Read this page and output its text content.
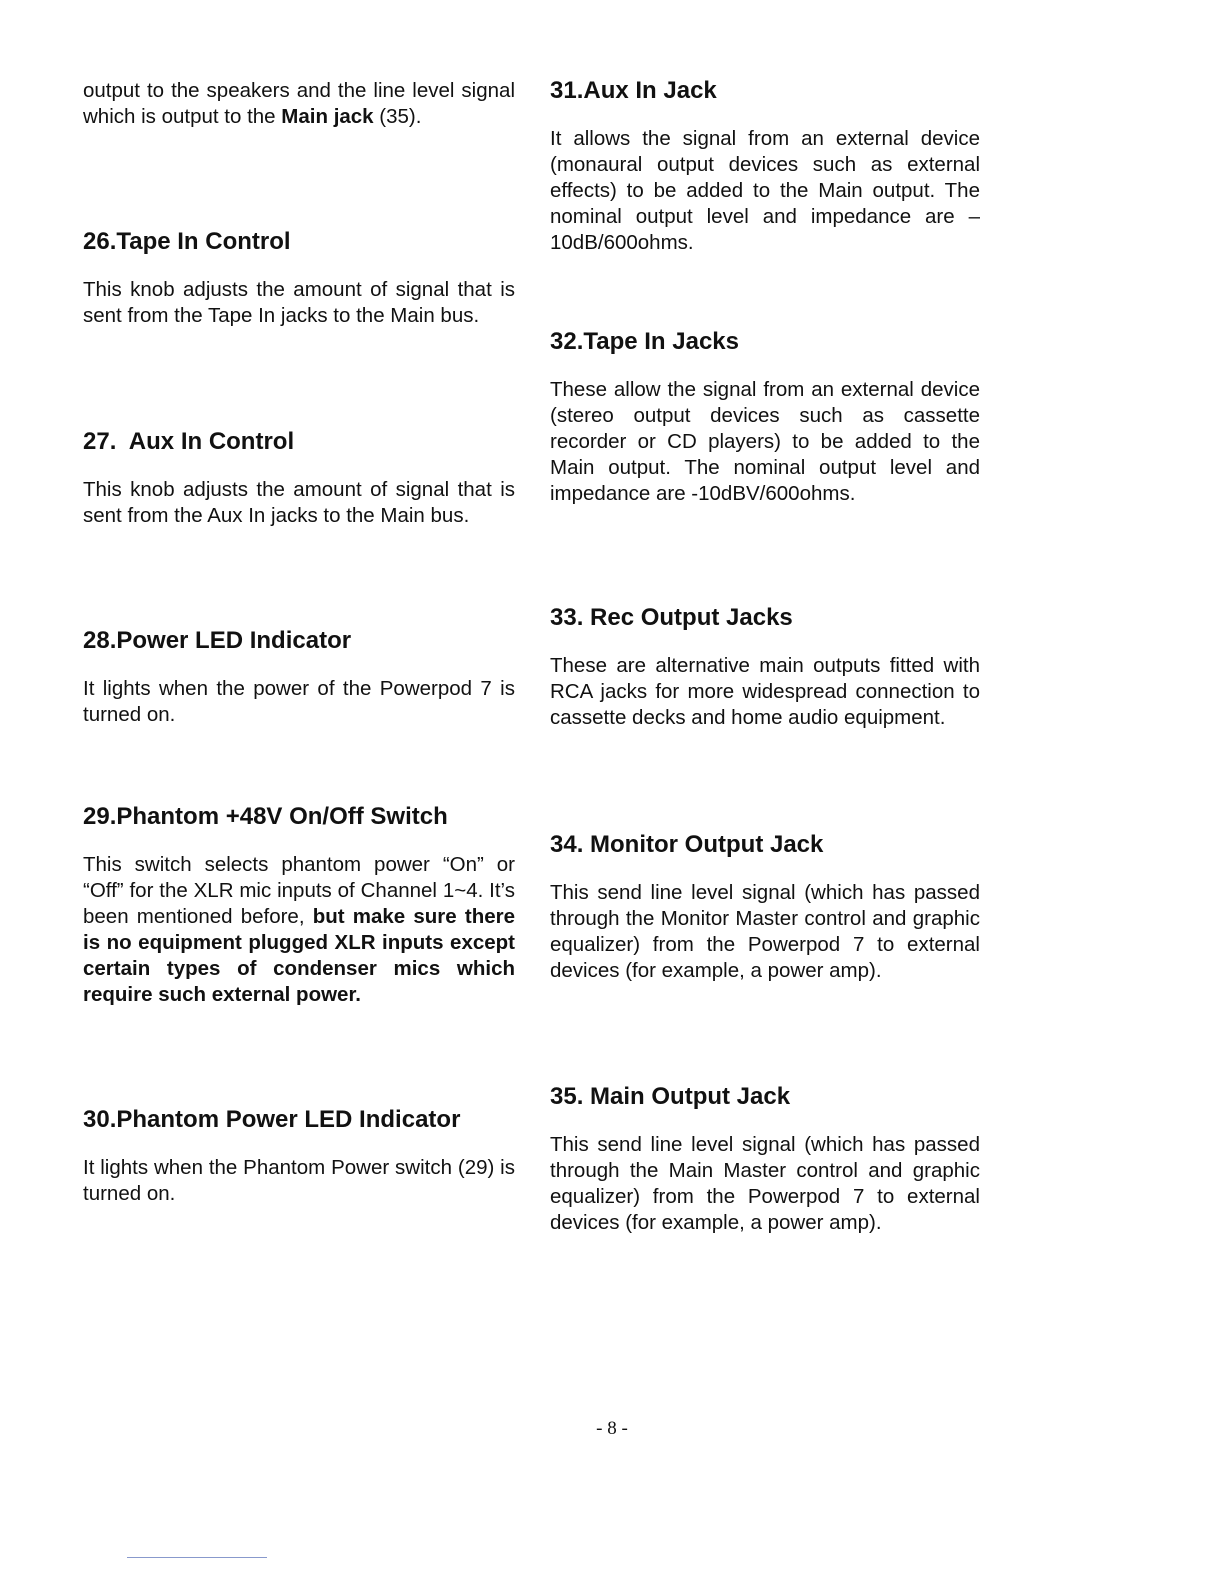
output to the speakers and the line level signal which is output to the Main jack (35).

26.Tape In Control

This knob adjusts the amount of signal that is sent from the Tape In jacks to the Main bus.

27.  Aux In Control

This knob adjusts the amount of signal that is sent from the Aux In jacks to the Main bus.

28.Power LED Indicator

It lights when the power of the Powerpod 7 is turned on.

29.Phantom +48V On/Off Switch

This switch selects phantom power “On” or “Off” for the XLR mic inputs of Channel 1~4. It’s been mentioned before, but make sure there is no equipment plugged XLR inputs except certain types of condenser mics which require such external power.

30.Phantom Power LED Indicator

It lights when the Phantom Power switch (29) is turned on.

31.Aux In Jack

It allows the signal from an external device (monaural output devices such as external effects) to be added to the Main output. The nominal output level and impedance are –10dB/600ohms.

32.Tape In Jacks

These allow the signal from an external device (stereo output devices such as cassette recorder or CD players) to be added to the Main output. The nominal output level and impedance are -10dBV/600ohms.

33. Rec Output Jacks

These are alternative main outputs fitted with RCA jacks for more widespread connection to cassette decks and home audio equipment.

34. Monitor Output Jack

This send line level signal (which has passed through the Monitor Master control and graphic equalizer) from the Powerpod 7 to external devices (for example, a power amp).

35. Main Output Jack

This send line level signal (which has passed through the Main Master control and graphic equalizer) from the Powerpod 7 to external devices (for example, a power amp).

- 8 -
